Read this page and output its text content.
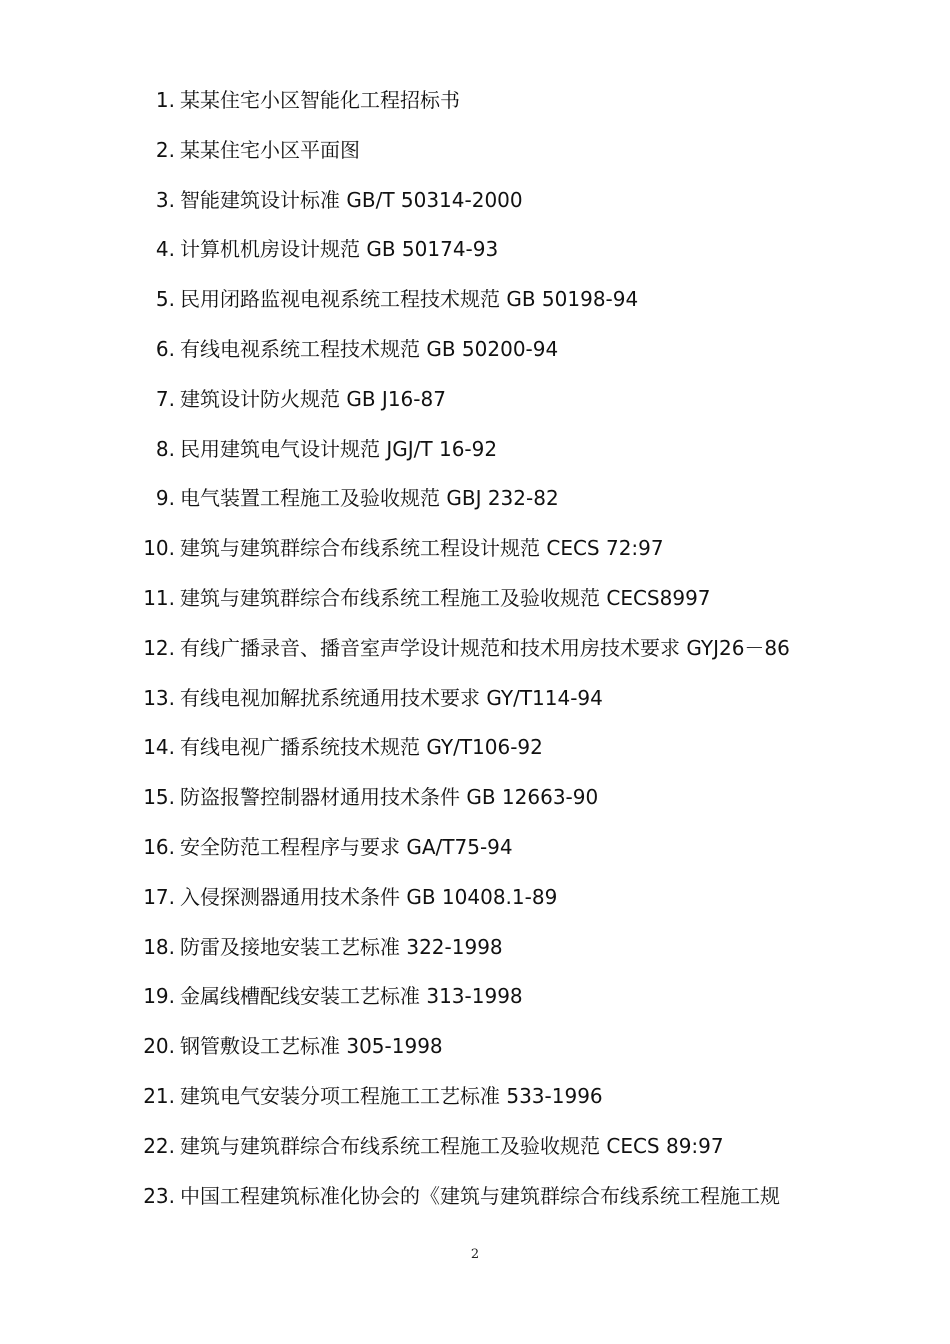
1. 某某住宅小区智能化工程招标书
2. 某某住宅小区平面图
3. 智能建筑设计标准 GB/T 50314-2000
4. 计算机机房设计规范 GB 50174-93
5. 民用闭路监视电视系统工程技术规范 GB 50198-94
6. 有线电视系统工程技术规范 GB 50200-94
7. 建筑设计防火规范 GB J16-87
8. 民用建筑电气设计规范 JGJ/T 16-92
9. 电气装置工程施工及验收规范 GBJ 232-82
10. 建筑与建筑群综合布线系统工程设计规范 CECS 72:97
11. 建筑与建筑群综合布线系统工程施工及验收规范 CECS8997
12. 有线广播录音、播音室声学设计规范和技术用房技术要求 GYJ26－86
13. 有线电视加解扰系统通用技术要求 GY/T114-94
14. 有线电视广播系统技术规范 GY/T106-92
15. 防盗报警控制器材通用技术条件 GB 12663-90
16. 安全防范工程程序与要求 GA/T75-94
17. 入侵探测器通用技术条件 GB 10408.1-89
18. 防雷及接地安装工艺标准 322-1998
19. 金属线槽配线安装工艺标准 313-1998
20. 钢管敷设工艺标准 305-1998
21. 建筑电气安装分项工程施工工艺标准 533-1996
22. 建筑与建筑群综合布线系统工程施工及验收规范 CECS 89:97
23. 中国工程建筑标准化协会的《建筑与建筑群综合布线系统工程施工规
2
